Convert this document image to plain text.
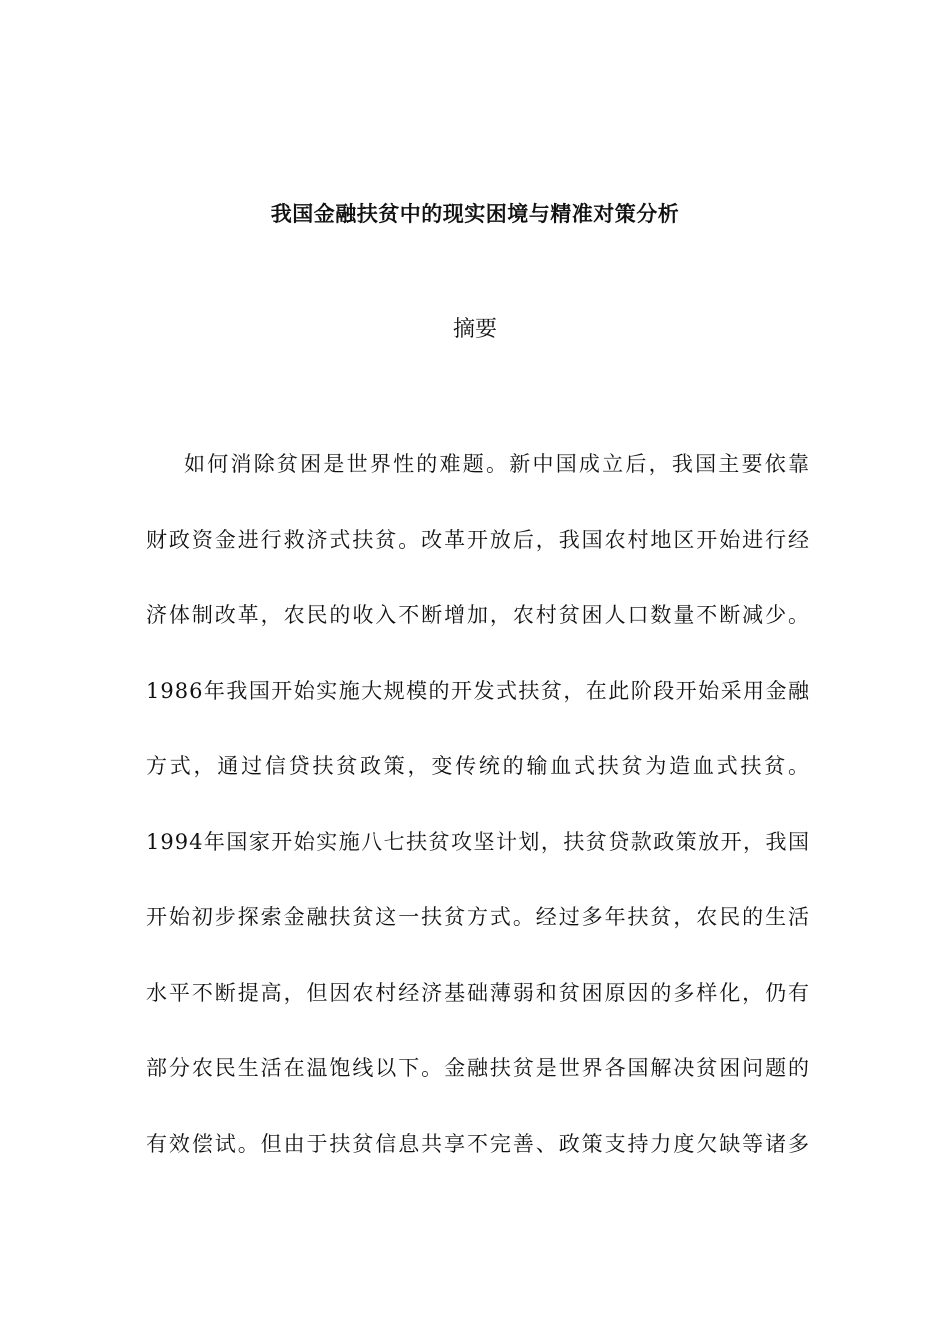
我国金融扶贫中的现实困境与精准对策分析
摘要
如何消除贫困是世界性的难题。新中国成立后，我国主要依靠
财政资金进行救济式扶贫。改革开放后，我国农村地区开始进行经
济体制改革，农民的收入不断增加，农村贫困人口数量不断减少。
1986年我国开始实施大规模的开发式扶贫，在此阶段开始采用金融
方式，通过信贷扶贫政策，变传统的输血式扶贫为造血式扶贫。
1994年国家开始实施八七扶贫攻坚计划，扶贫贷款政策放开，我国
开始初步探索金融扶贫这一扶贫方式。经过多年扶贫，农民的生活
水平不断提高，但因农村经济基础薄弱和贫困原因的多样化，仍有
部分农民生活在温饱线以下。金融扶贫是世界各国解决贫困问题的
有效偿试。但由于扶贫信息共享不完善、政策支持力度欠缺等诸多
